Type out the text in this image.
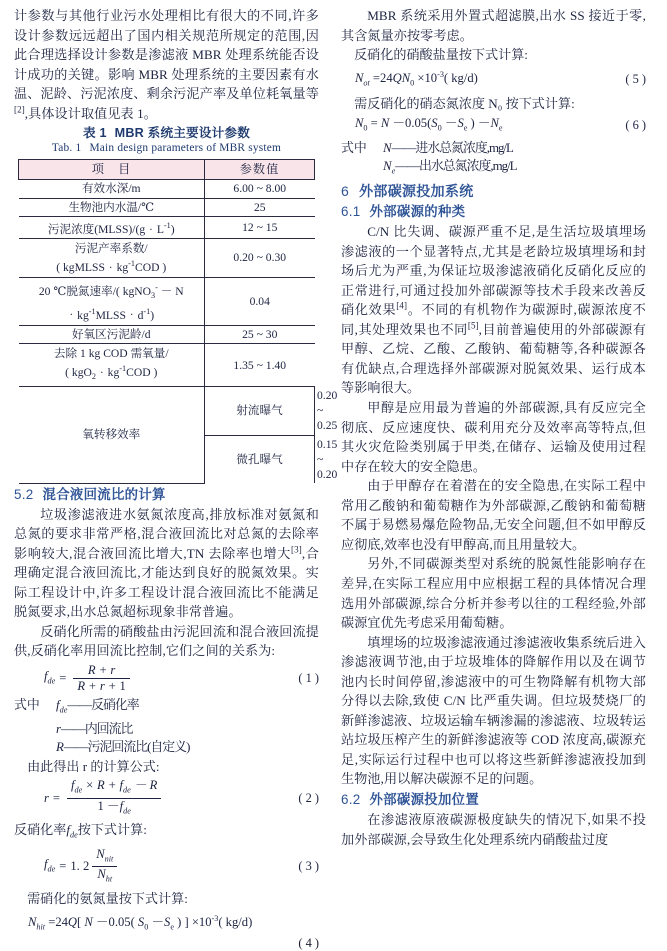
计参数与其他行业污水处理相比有很大的不同,许多设计参数远远超出了国内相关规范所规定的范围,因此合理选择设计参数是渗滤液 MBR 处理系统能否设计成功的关键。影响 MBR 处理系统的主要因素有水温、泥龄、污泥浓度、剩余污泥产率及单位耗氧量等[2],具体设计取值见表 1。

表 1 MBR 系统主要设计参数
Tab. 1 Main design parameters of MBR system
项　目	参数值

有效水深/m	6.00 ~ 8.00
生物池内水温/℃	25
污泥浓度(MLSS)/(g · $L^{-1}$)	12 ~ 15
污泥产率系数/
( kgMLSS · $kg^{-1}COD$ )	0.20 ~ 0.30
20 ℃脱氮速率/( kgNO$_3$- － N
· $kg^{-1}MLSS \cdot d^{-1}$)	0.04
好氧区污泥龄/d	25 ~ 30
去除 1 kg COD 需氧量/
( $kgO_2 \cdot kg^{-1}COD$ )	1.35 ~ 1.40
氧转移效率	射流曝气	0.20 ~ 0.25
微孔曝气	0.15 ~ 0.20
5.2 混合液回流比的计算

垃圾渗滤液进水氨氮浓度高,排放标准对氨氮和总氮的要求非常严格,混合液回流比对总氮的去除率影响较大,混合液回流比增大,TN 去除率也增大[3],合理确定混合液回流比,才能达到良好的脱氮效果。实际工程设计中,许多工程设计混合液回流比不能满足脱氮要求,出水总氮超标现象非常普遍。

反硝化所需的硝酸盐由污泥回流和混合液回流提供,反硝化率用回流比控制,它们之间的关系为:

$f_{de} = \frac{R + r}{R + r + 1}$	( 1 )
式中	$f_{de}——$反硝化率
r——内回流比
R——污泥回流比(自定义)
由此得出 r 的计算公式:
$r = \frac{f_{de} \times R + f_{de} - R}{1 -f_{de}}$	( 2 )
反硝化率$f_{de}$按下式计算:
$f_{de} = 1$. $2 \frac{N_{nit}}{N_{ht}}$	( 3 )
需硝化的氨氮量按下式计算:
$N_{hit} =24Q$[ N －0.05( $S_0 -S_e$ ) ] $\times 10^{-3}$( kg/d)
( 4 )

MBR 系统采用外置式超滤膜,出水 SS 接近于零,其含氮量亦按零考虑。

反硝化的硝酸盐量按下式计算:
$N_{ot} =24QN_0 \times 10^{-3}$( kg/d)	( 5 )
需反硝化的硝态氮浓度 N₀ 按下式计算:
$N_0 = N -0.05(S_0 -S_e$ ) $-N_e$	( 6 )
式中	N——进水总氮浓度,mg/L
$N_e——$出水总氮浓度,mg/L
6 外部碳源投加系统
6.1 外部碳源的种类

C/N 比失调、碳源严重不足,是生活垃圾填埋场渗滤液的一个显著特点,尤其是老龄垃圾填埋场和封场后尤为严重,为保证垃圾渗滤液硝化反硝化反应的正常进行,可通过投加外部碳源等技术手段来改善反硝化效果[4]。不同的有机物作为碳源时,碳源浓度不同,其处理效果也不同[5],目前普遍使用的外部碳源有甲醇、乙烷、乙酸、乙酸钠、葡萄糖等,各种碳源各有优缺点,合理选择外部碳源对脱氮效果、运行成本等影响很大。

甲醇是应用最为普遍的外部碳源,具有反应完全彻底、反应速度快、碳利用充分及效率高等特点,但其火灾危险类别属于甲类,在储存、运输及使用过程中存在较大的安全隐患。

由于甲醇存在着潜在的安全隐患,在实际工程中常用乙酸钠和葡萄糖作为外部碳源,乙酸钠和葡萄糖不属于易燃易爆危险物品,无安全问题,但不如甲醇反应彻底,效率也没有甲醇高,而且用量较大。

另外,不同碳源类型对系统的脱氮性能影响存在差异,在实际工程应用中应根据工程的具体情况合理选用外部碳源,综合分析并参考以往的工程经验,外部碳源宜优先考虑采用葡萄糖。

填埋场的垃圾渗滤液通过渗滤液收集系统后进入渗滤液调节池,由于垃圾堆体的降解作用以及在调节池内长时间停留,渗滤液中的可生物降解有机物大部分得以去除,致使 C/N 比严重失调。但垃圾焚烧厂的新鲜渗滤液、垃圾运输车辆渗漏的渗滤液、垃圾转运站垃圾压榨产生的新鲜渗滤液等 COD 浓度高,碳源充足,实际运行过程中也可以将这些新鲜渗滤液投加到生物池,用以解决碳源不足的问题。

6.2 外部碳源投加位置

在渗滤液原液碳源极度缺失的情况下,如果不投加外部碳源,会导致生化处理系统内硝酸盐过度
